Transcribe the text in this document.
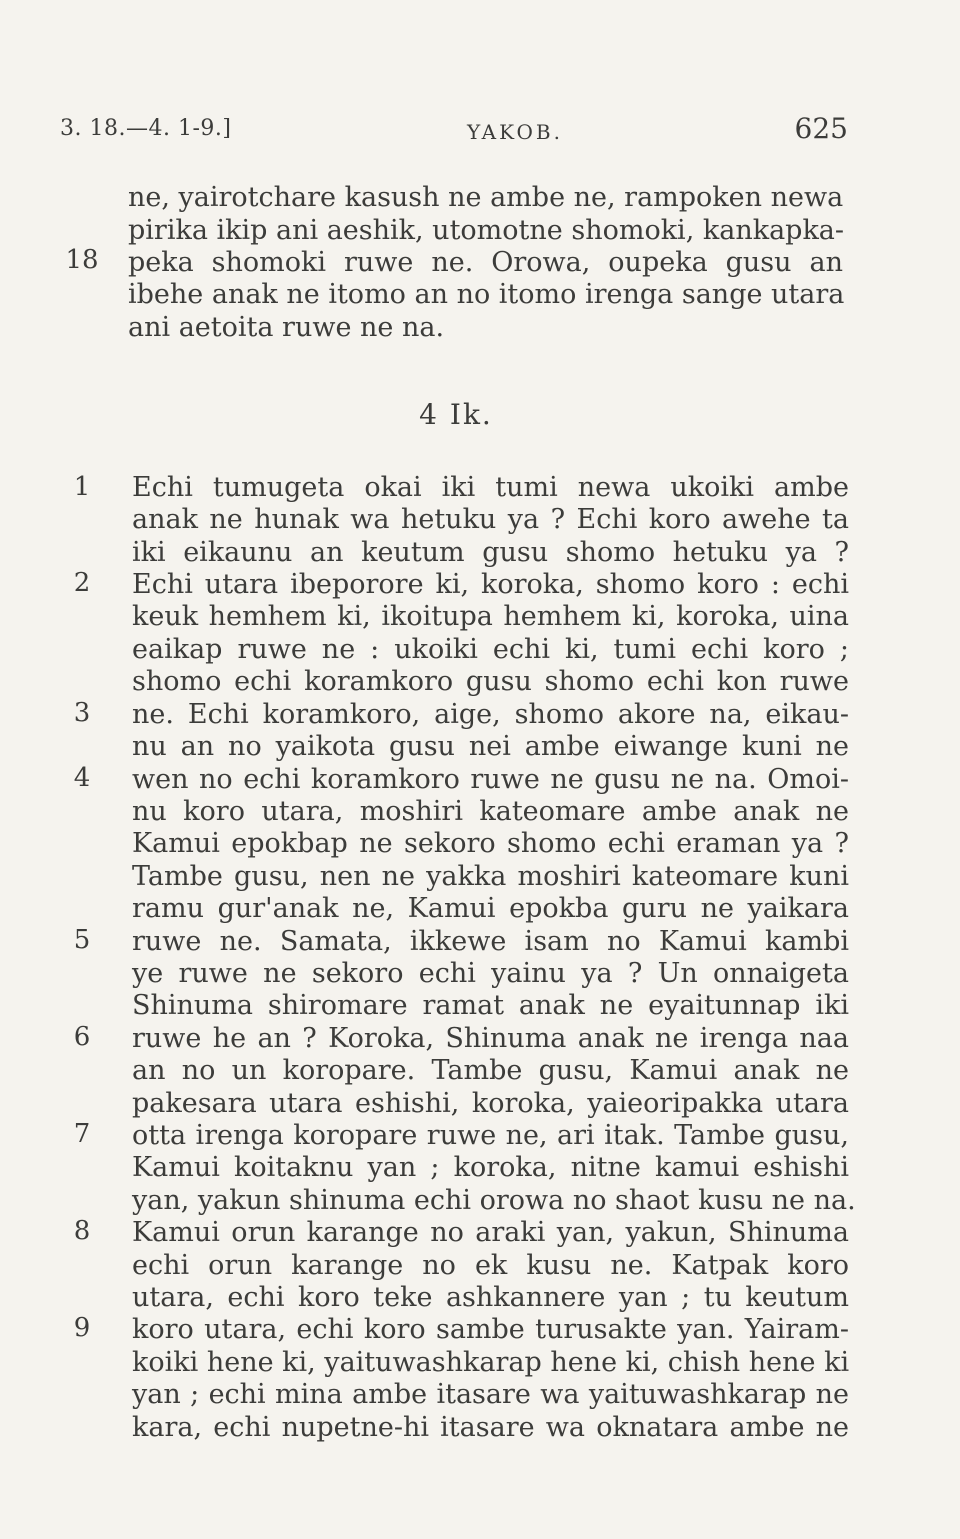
3. 18.—4. 1-9.]	YAKOB.	625
18
ne, yairotchare kasush ne ambe ne, rampoken newa
pirika ikip ani aeshik, utomotne shomoki, kankapka-
peka shomoki ruwe ne. Orowa, oupeka gusu an
ibehe anak ne itomo an no itomo irenga sange utara
ani aetoita ruwe ne na.
4 Ik.
1
2
3
4
5
6
7
8
9
Echi tumugeta okai iki tumi newa ukoiki ambe
anak ne hunak wa hetuku ya ? Echi koro awehe ta
iki eikaunu an keutum gusu shomo hetuku ya ?
Echi utara ibeporore ki, koroka, shomo koro : echi
keuk hemhem ki, ikoitupa hemhem ki, koroka, uina
eaikap ruwe ne : ukoiki echi ki, tumi echi koro ;
shomo echi koramkoro gusu shomo echi kon ruwe
ne. Echi koramkoro, aige, shomo akore na, eikau-
nu an no yaikota gusu nei ambe eiwange kuni ne
wen no echi koramkoro ruwe ne gusu ne na. Omoi-
nu koro utara, moshiri kateomare ambe anak ne
Kamui epokbap ne sekoro shomo echi eraman ya ?
Tambe gusu, nen ne yakka moshiri kateomare kuni
ramu gur'anak ne, Kamui epokba guru ne yaikara
ruwe ne. Samata, ikkewe isam no Kamui kambi
ye ruwe ne sekoro echi yainu ya ? Un onnaigeta
Shinuma shiromare ramat anak ne eyaitunnap iki
ruwe he an ? Koroka, Shinuma anak ne irenga naa
an no un koropare. Tambe gusu, Kamui anak ne
pakesara utara eshishi, koroka, yaieoripakka utara
otta irenga koropare ruwe ne, ari itak. Tambe gusu,
Kamui koitaknu yan ; koroka, nitne kamui eshishi
yan, yakun shinuma echi orowa no shaot kusu ne na.
Kamui orun karange no araki yan, yakun, Shinuma
echi orun karange no ek kusu ne. Katpak koro
utara, echi koro teke ashkannere yan ; tu keutum
koro utara, echi koro sambe turusakte yan. Yairam-
koiki hene ki, yaituwashkarap hene ki, chish hene ki
yan ; echi mina ambe itasare wa yaituwashkarap ne
kara, echi nupetne-hi itasare wa oknatara ambe ne
